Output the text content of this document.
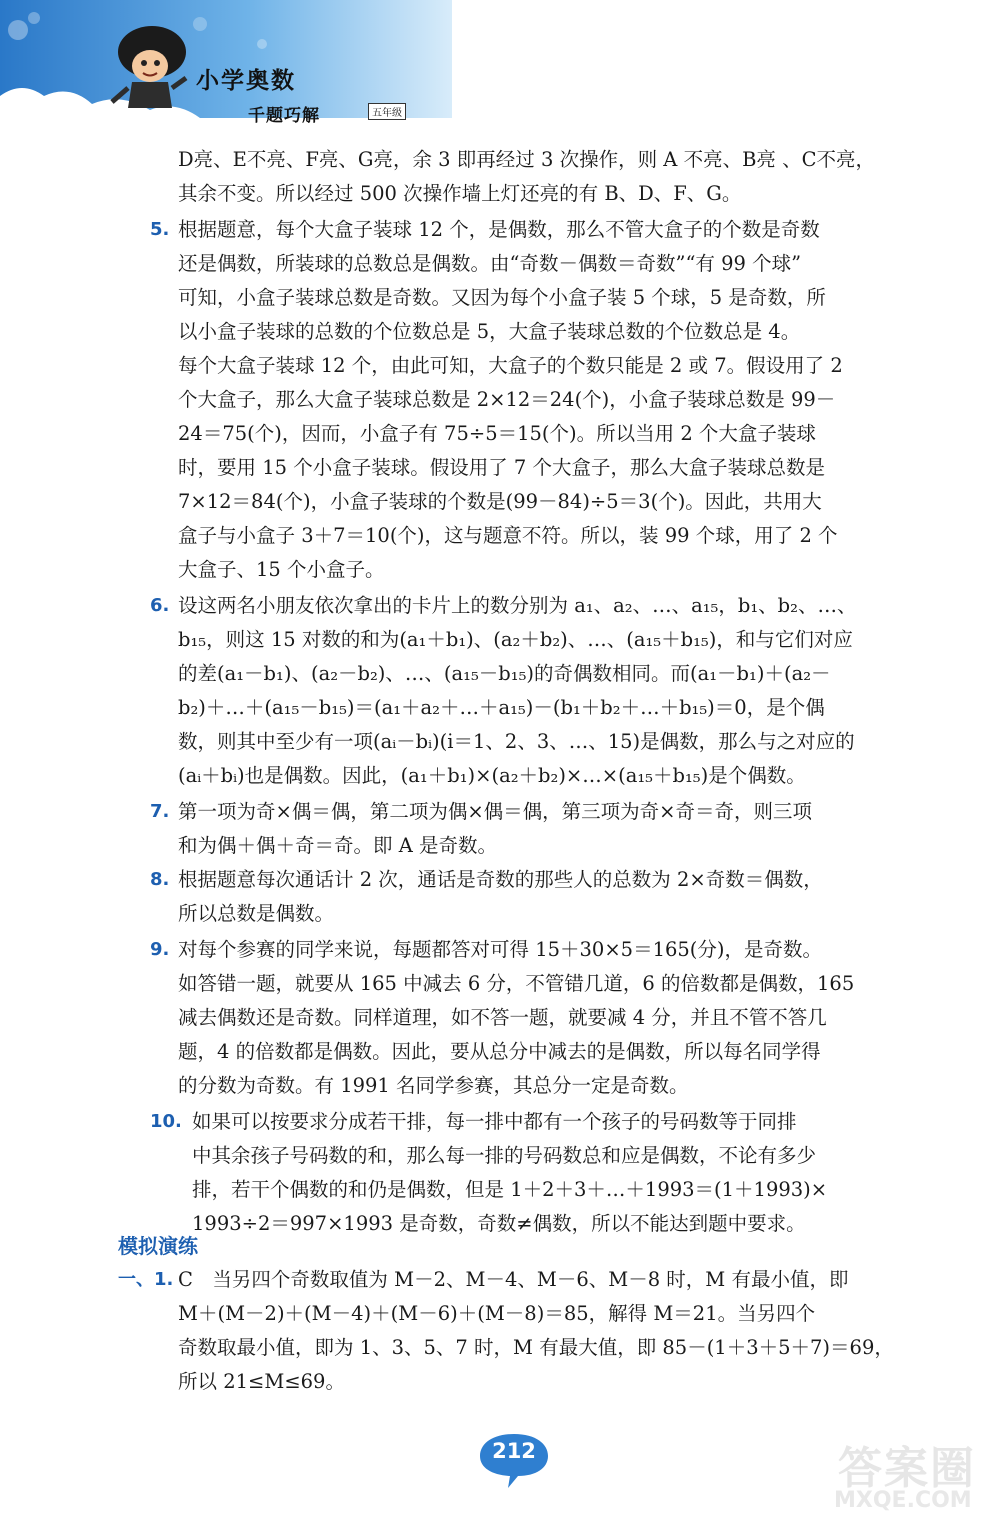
小学奥数
千题巧解	五年级
D亮、E不亮、F亮、G亮，余 3 即再经过 3 次操作，则 A 不亮、B亮 、C不亮，
其余不变。所以经过 500 次操作墙上灯还亮的有 B、D、F、G。
5. 根据题意，每个大盒子装球 12 个，是偶数，那么不管大盒子的个数是奇数
还是偶数，所装球的总数总是偶数。由“奇数－偶数＝奇数”“有 99 个球”
可知，小盒子装球总数是奇数。又因为每个小盒子装 5 个球，5 是奇数，所
以小盒子装球的总数的个位数总是 5，大盒子装球总数的个位数总是 4。
每个大盒子装球 12 个，由此可知，大盒子的个数只能是 2 或 7。假设用了 2
个大盒子，那么大盒子装球总数是 2×12＝24(个)，小盒子装球总数是 99－
24＝75(个)，因而，小盒子有 75÷5＝15(个)。所以当用 2 个大盒子装球
时，要用 15 个小盒子装球。假设用了 7 个大盒子，那么大盒子装球总数是
7×12＝84(个)，小盒子装球的个数是(99－84)÷5＝3(个)。因此，共用大
盒子与小盒子 3＋7＝10(个)，这与题意不符。所以，装 99 个球，用了 2 个
大盒子、15 个小盒子。
6. 设这两名小朋友依次拿出的卡片上的数分别为 a₁、a₂、…、a₁₅，b₁、b₂、…、
b₁₅，则这 15 对数的和为(a₁＋b₁)、(a₂＋b₂)、…、(a₁₅＋b₁₅)，和与它们对应
的差(a₁－b₁)、(a₂－b₂)、…、(a₁₅－b₁₅)的奇偶数相同。而(a₁－b₁)＋(a₂－
b₂)＋…＋(a₁₅－b₁₅)＝(a₁＋a₂＋…＋a₁₅)－(b₁＋b₂＋…＋b₁₅)＝0，是个偶
数，则其中至少有一项(aᵢ－bᵢ)(i＝1、2、3、…、15)是偶数，那么与之对应的
(aᵢ＋bᵢ)也是偶数。因此，(a₁＋b₁)×(a₂＋b₂)×…×(a₁₅＋b₁₅)是个偶数。
7. 第一项为奇×偶＝偶，第二项为偶×偶＝偶，第三项为奇×奇＝奇，则三项
和为偶＋偶＋奇＝奇。即 A 是奇数。
8. 根据题意每次通话计 2 次，通话是奇数的那些人的总数为 2×奇数＝偶数，
所以总数是偶数。
9. 对每个参赛的同学来说，每题都答对可得 15＋30×5＝165(分)，是奇数。
如答错一题，就要从 165 中减去 6 分，不管错几道，6 的倍数都是偶数，165
减去偶数还是奇数。同样道理，如不答一题，就要减 4 分，并且不管不答几
题，4 的倍数都是偶数。因此，要从总分中减去的是偶数，所以每名同学得
的分数为奇数。有 1991 名同学参赛，其总分一定是奇数。
10. 如果可以按要求分成若干排，每一排中都有一个孩子的号码数等于同排
中其余孩子号码数的和，那么每一排的号码数总和应是偶数，不论有多少
排，若干个偶数的和仍是偶数，但是 1＋2＋3＋…＋1993＝(1＋1993)×
1993÷2＝997×1993 是奇数，奇数≠偶数，所以不能达到题中要求。
模拟演练
一、1. C　当另四个奇数取值为 M－2、M－4、M－6、M－8 时，M 有最小值，即
M＋(M－2)＋(M－4)＋(M－6)＋(M－8)＝85，解得 M＝21。当另四个
奇数取最小值，即为 1、3、5、7 时，M 有最大值，即 85－(1＋3＋5＋7)＝69，
所以 21≤M≤69。
212	答案圈
MXQE.COM
